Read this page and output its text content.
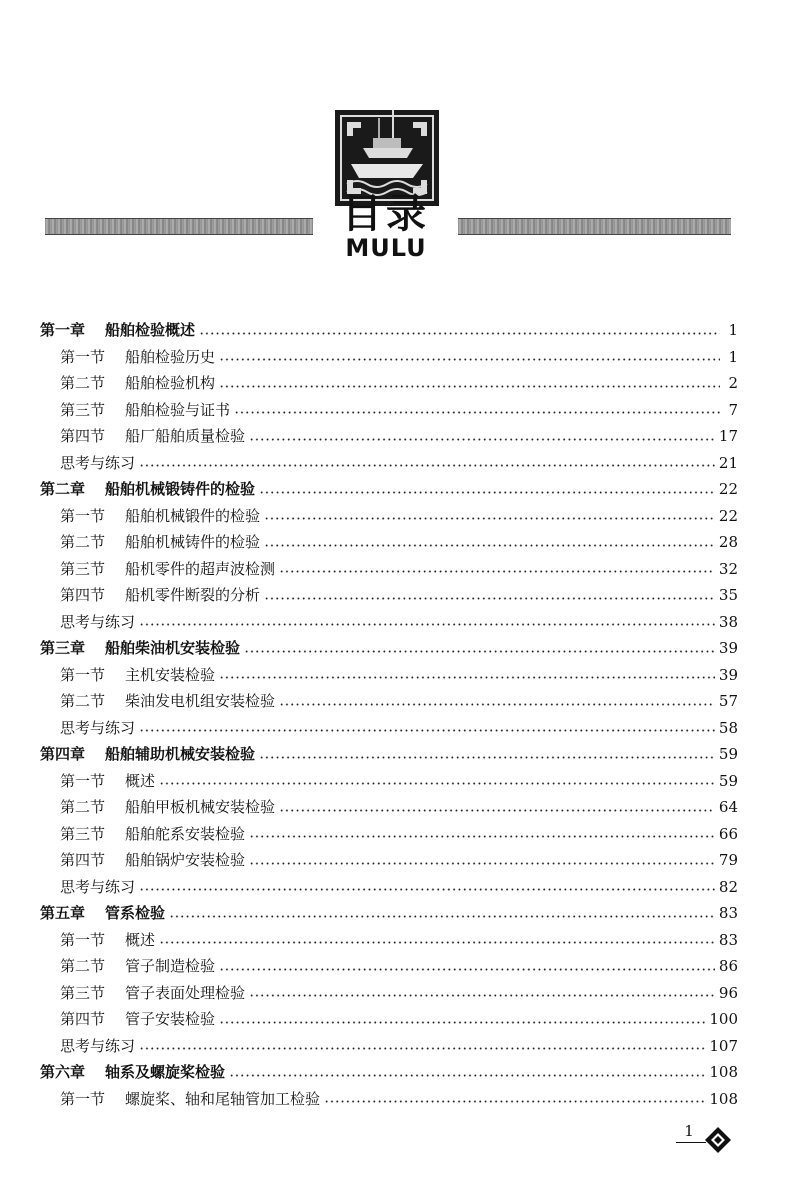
目录
MULU
第一章 船舶检验概述	1
第一节 船舶检验历史	1
第二节 船舶检验机构	2
第三节 船舶检验与证书	7
第四节 船厂船舶质量检验	17
思考与练习	21
第二章 船舶机械锻铸件的检验	22
第一节 船舶机械锻件的检验	22
第二节 船舶机械铸件的检验	28
第三节 船机零件的超声波检测	32
第四节 船机零件断裂的分析	35
思考与练习	38
第三章 船舶柴油机安装检验	39
第一节 主机安装检验	39
第二节 柴油发电机组安装检验	57
思考与练习	58
第四章 船舶辅助机械安装检验	59
第一节 概述	59
第二节 船舶甲板机械安装检验	64
第三节 船舶舵系安装检验	66
第四节 船舶锅炉安装检验	79
思考与练习	82
第五章 管系检验	83
第一节 概述	83
第二节 管子制造检验	86
第三节 管子表面处理检验	96
第四节 管子安装检验	100
思考与练习	107
第六章 轴系及螺旋桨检验	108
第一节 螺旋桨、轴和尾轴管加工检验	108
1
